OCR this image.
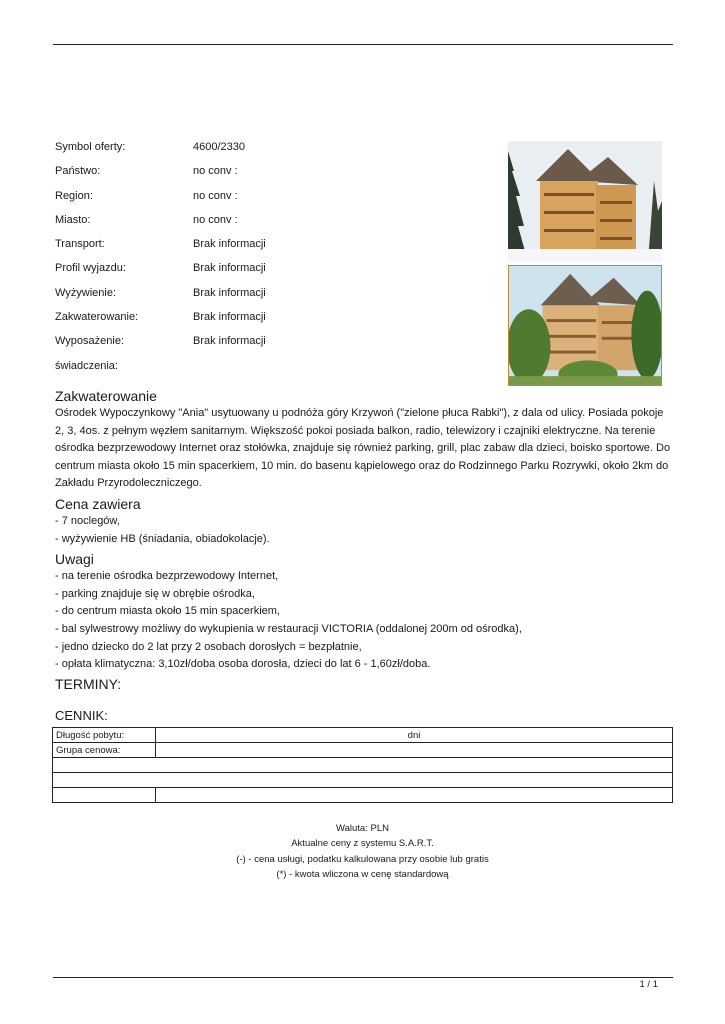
Symbol oferty:	4600/2330
Państwo:	no conv :
Region:	no conv :
Miasto:	no conv :
Transport:	Brak informacji
Profil wyjazdu:	Brak informacji
Wyżywienie:	Brak informacji
Zakwaterowanie:	Brak informacji
Wyposażenie:	Brak informacji
świadczenia:
Zakwaterowanie

Ośrodek Wypoczynkowy "Ania" usytuowany u podnóża góry Krzywoń ("zielone płuca Rabki"), z dala od ulicy. Posiada pokoje 2, 3, 4os. z pełnym węzłem sanitarnym. Większość pokoi posiada balkon, radio, telewizory i czajniki elektryczne. Na terenie ośrodka bezprzewodowy Internet oraz stołówka, znajduje się również parking, grill, plac zabaw dla dzieci, boisko sportowe. Do centrum miasta około 15 min spacerkiem, 10 min. do basenu kąpielowego oraz do Rodzinnego Parku Rozrywki, około 2km do Zakładu Przyrodoleczniczego.

Cena zawiera
- 7 noclegów,
- wyżywienie HB (śniadania, obiadokolacje).
Uwagi
- na terenie ośrodka bezprzewodowy Internet,
- parking znajduje się w obrębie ośrodka,
- do centrum miasta około 15 min spacerkiem,
- bal sylwestrowy możliwy do wykupienia w restauracji VICTORIA (oddalonej 200m od ośrodka),
- jedno dziecko do 2 lat przy 2 osobach dorosłych = bezpłatnie,
- opłata klimatyczna: 3,10zł/doba osoba dorosła, dzieci do lat 6 - 1,60zł/doba.
TERMINY:
CENNIK:
Długość pobytu:	dni
Grupa cenowa:	

Waluta: PLN
Aktualne ceny z systemu S.A.R.T.
(-) - cena usługi, podatku kalkulowana przy osobie lub gratis
(*) - kwota wliczona w cenę standardową
1 / 1
